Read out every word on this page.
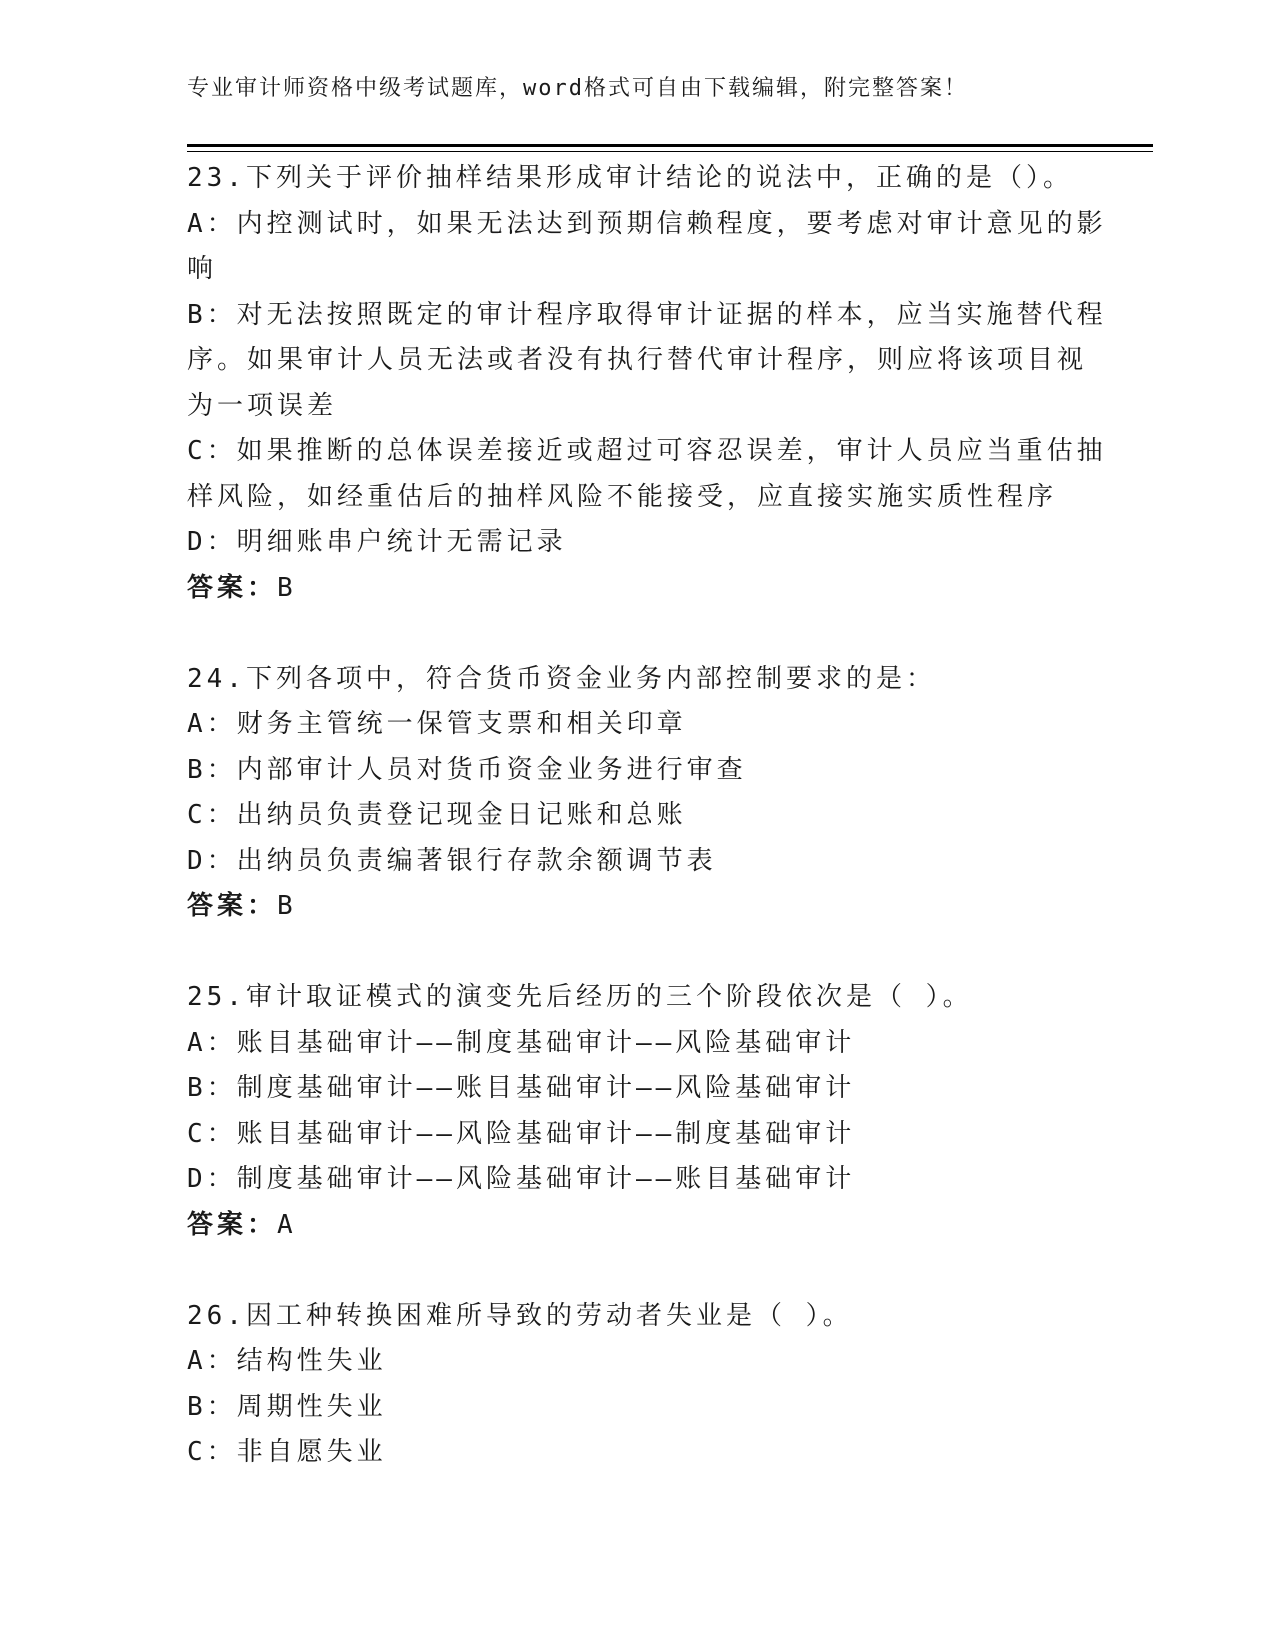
专业审计师资格中级考试题库，word格式可自由下载编辑，附完整答案！

23.下列关于评价抽样结果形成审计结论的说法中，正确的是（）。

A：内控测试时，如果无法达到预期信赖程度，要考虑对审计意见的影

响

B：对无法按照既定的审计程序取得审计证据的样本，应当实施替代程

序。如果审计人员无法或者没有执行替代审计程序，则应将该项目视

为一项误差

C：如果推断的总体误差接近或超过可容忍误差，审计人员应当重估抽

样风险，如经重估后的抽样风险不能接受，应直接实施实质性程序

D：明细账串户统计无需记录

答案：B

24.下列各项中，符合货币资金业务内部控制要求的是：

A：财务主管统一保管支票和相关印章

B：内部审计人员对货币资金业务进行审查

C：出纳员负责登记现金日记账和总账

D：出纳员负责编著银行存款余额调节表

答案：B

25.审计取证模式的演变先后经历的三个阶段依次是（ ）。

A：账目基础审计——制度基础审计——风险基础审计

B：制度基础审计——账目基础审计——风险基础审计

C：账目基础审计——风险基础审计——制度基础审计

D：制度基础审计——风险基础审计——账目基础审计

答案：A

26.因工种转换困难所导致的劳动者失业是（ ）。

A：结构性失业

B：周期性失业

C：非自愿失业
